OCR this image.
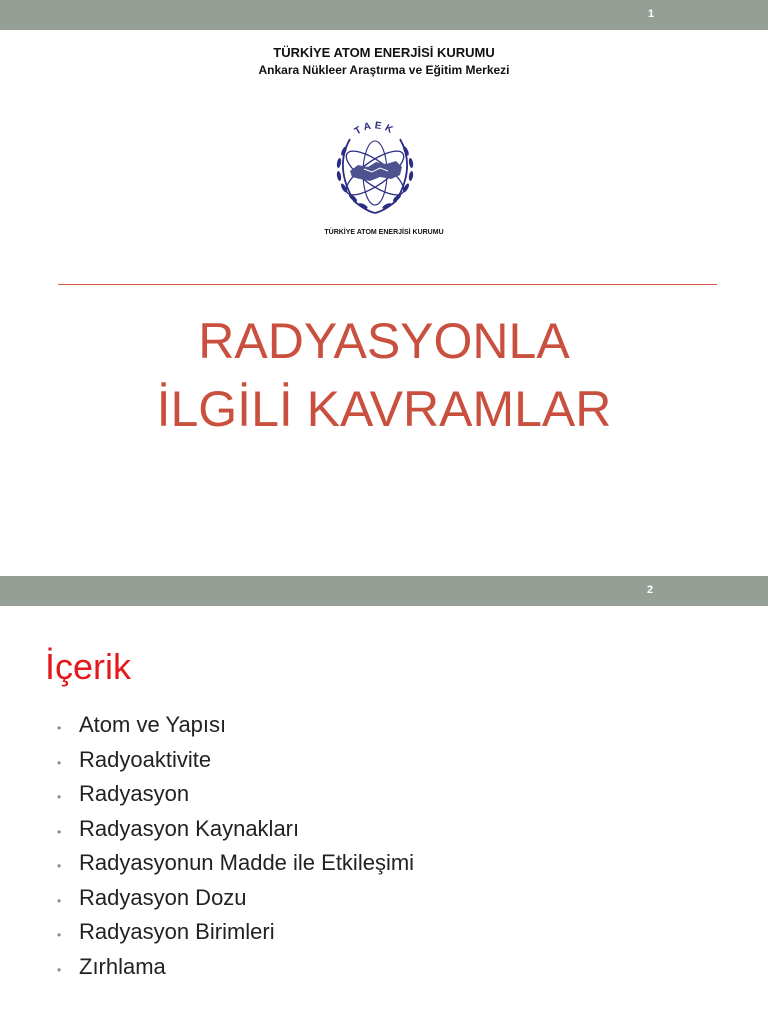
1
TÜRKİYE ATOM ENERJİSİ KURUMU
Ankara Nükleer Araştırma ve Eğitim Merkezi
TAEK
TÜRKİYE ATOM ENERJİSİ KURUMU
RADYASYONLA
İLGİLİ KAVRAMLAR
2
İçerik
• Atom ve Yapısı
• Radyoaktivite
• Radyasyon
• Radyasyon Kaynakları
• Radyasyonun Madde ile Etkileşimi
• Radyasyon Dozu
• Radyasyon Birimleri
• Zırhlama
